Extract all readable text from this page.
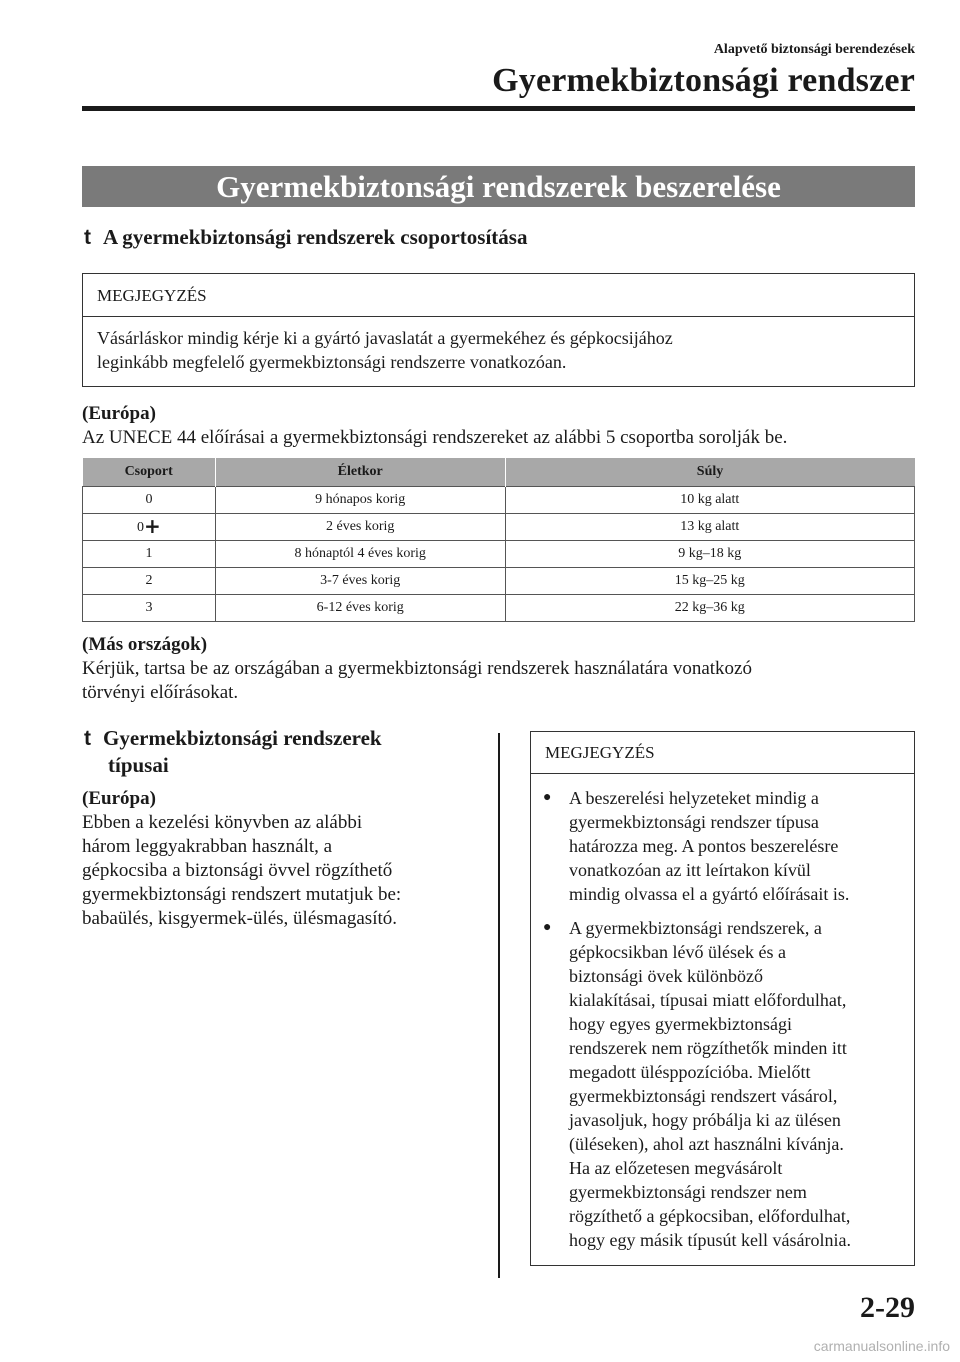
Alapvető biztonsági berendezések
Gyermekbiztonsági rendszer
Gyermekbiztonsági rendszerek beszerelése
t A gyermekbiztonsági rendszerek csoportosítása
MEGJEGYZÉS
Vásárláskor mindig kérje ki a gyártó javaslatát a gyermekéhez és gépkocsijához
leginkább megfelelő gyermekbiztonsági rendszerre vonatkozóan.
(Európa)
Az UNECE 44 előírásai a gyermekbiztonsági rendszereket az alábbi 5 csoportba sorolják be.
Csoport	Életkor	Súly
0	9 hónapos korig	10 kg alatt
0+	2 éves korig	13 kg alatt
1	8 hónaptól 4 éves korig	9 kg–18 kg
2	3-7 éves korig	15 kg–25 kg
3	6-12 éves korig	22 kg–36 kg
(Más országok)
Kérjük, tartsa be az országában a gyermekbiztonsági rendszerek használatára vonatkozó
törvényi előírásokat.
t Gyermekbiztonsági rendszerek
típusai
(Európa)
Ebben a kezelési könyvben az alábbi
három leggyakrabban használt, a
gépkocsiba a biztonsági övvel rögzíthető
gyermekbiztonsági rendszert mutatjuk be:
babaülés, kisgyermek-ülés, ülésmagasító.
MEGJEGYZÉS
● A beszerelési helyzeteket mindig a
gyermekbiztonsági rendszer típusa
határozza meg. A pontos beszerelésre
vonatkozóan az itt leírtakon kívül
mindig olvassa el a gyártó előírásait is.
● A gyermekbiztonsági rendszerek, a
gépkocsikban lévő ülések és a
biztonsági övek különböző
kialakításai, típusai miatt előfordulhat,
hogy egyes gyermekbiztonsági
rendszerek nem rögzíthetők minden itt
megadott ülésppozícióba. Mielőtt
gyermekbiztonsági rendszert vásárol,
javasoljuk, hogy próbálja ki az ülésen
(üléseken), ahol azt használni kívánja.
Ha az előzetesen megvásárolt
gyermekbiztonsági rendszer nem
rögzíthető a gépkocsiban, előfordulhat,
hogy egy másik típusút kell vásárolnia.
2-29
carmanualsonline.info
